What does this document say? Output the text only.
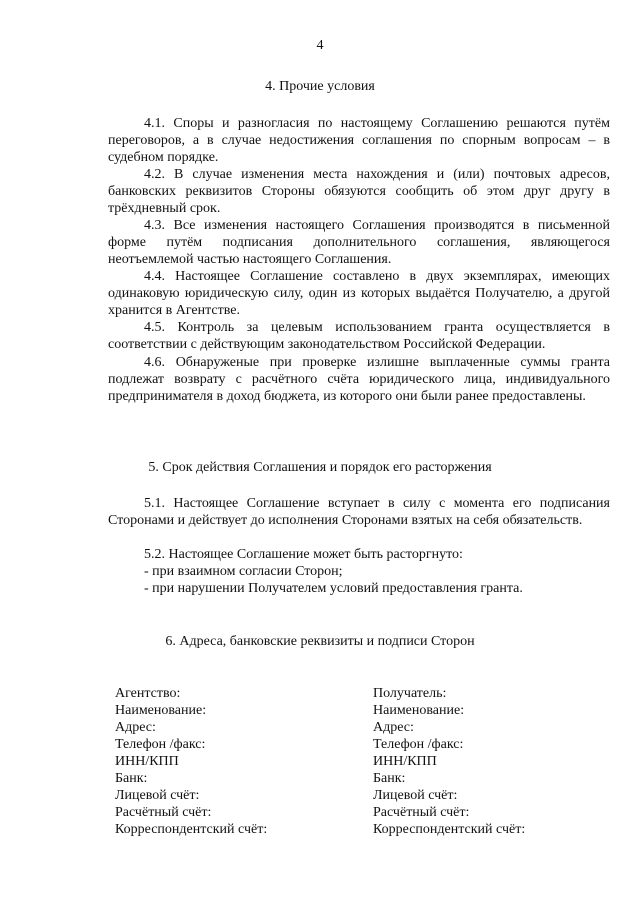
4
4. Прочие условия

4.1. Споры и разногласия по настоящему Соглашению решаются путём переговоров, а в случае недостижения соглашения по спорным вопросам – в судебном порядке.

4.2. В случае изменения места нахождения и (или) почтовых адресов, банковских реквизитов Стороны обязуются сообщить об этом друг другу в трёхдневный срок.

4.3. Все изменения настоящего Соглашения производятся в письменной форме путём подписания дополнительного соглашения, являющегося неотъемлемой частью настоящего Соглашения.

4.4. Настоящее Соглашение составлено в двух экземплярах, имеющих одинаковую юридическую силу, один из которых выдаётся Получателю, а другой хранится в Агентстве.

4.5. Контроль за целевым использованием гранта осуществляется в соответствии с действующим законодательством Российской Федерации.

4.6. Обнаруженые при проверке излишне выплаченные суммы гранта подлежат возврату с расчётного счёта юридического лица, индивидуального предпринимателя в доход бюджета, из которого они были ранее предоставлены.

5. Срок действия Соглашения и порядок его расторжения

5.1. Настоящее Соглашение вступает в силу с момента его подписания Сторонами и действует до исполнения Сторонами взятых на себя обязательств.

5.2. Настоящее Соглашение может быть расторгнуто:

- при взаимном согласии Сторон;

- при нарушении Получателем условий предоставления гранта.

6. Адреса, банковские реквизиты и подписи Сторон
Агентство:
Наименование:
Адрес:
Телефон /факс:
ИНН/КПП
Банк:
Лицевой счёт:
Расчётный счёт:
Корреспондентский счёт:
Получатель:
Наименование:
Адрес:
Телефон /факс:
ИНН/КПП
Банк:
Лицевой счёт:
Расчётный счёт:
Корреспондентский счёт:
